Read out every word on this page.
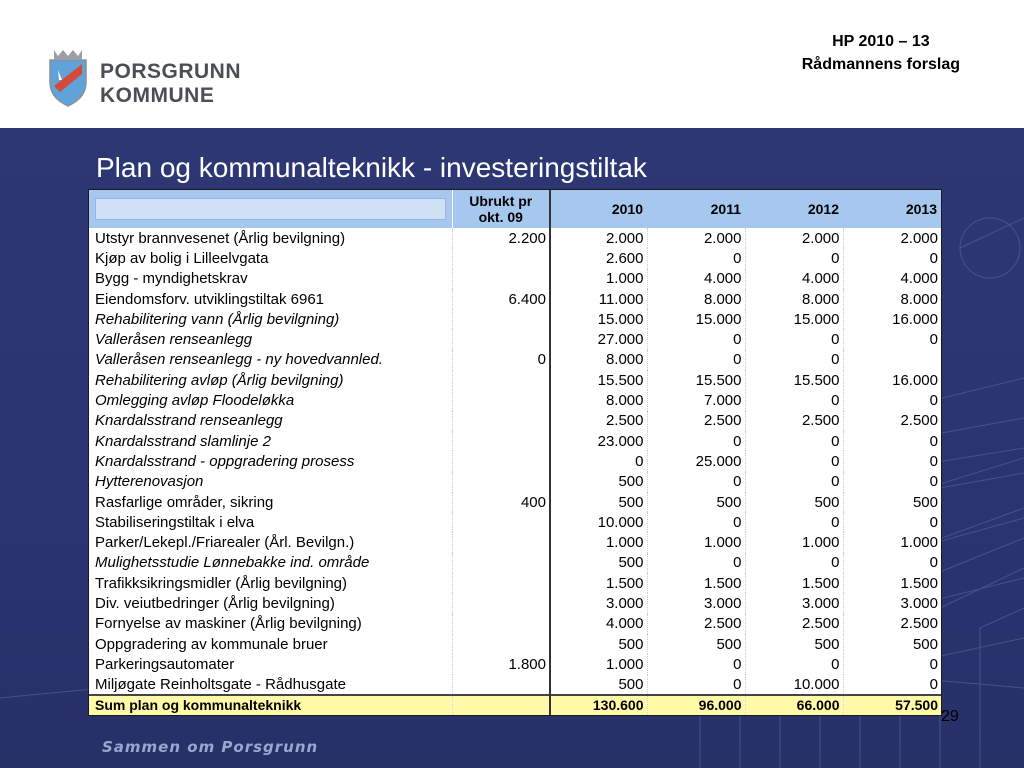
PORSGRUNN KOMMUNE
HP 2010 – 13
Rådmannens forslag
Plan og kommunalteknikk - investeringstiltak
	Ubrukt pr okt. 09	2010	2011	2012	2013
Utstyr brannvesenet (Årlig bevilgning)	2.200	2.000	2.000	2.000	2.000
Kjøp av bolig i Lilleelvgata		2.600	0	0	0
Bygg - myndighetskrav		1.000	4.000	4.000	4.000
Eiendomsforv. utviklingstiltak 6961	6.400	11.000	8.000	8.000	8.000
Rehabilitering vann (Årlig bevilgning)		15.000	15.000	15.000	16.000
Valleråsen renseanlegg		27.000	0	0	0
Valleråsen renseanlegg - ny hovedvannled.	0	8.000	0	0	
Rehabilitering avløp (Årlig bevilgning)		15.500	15.500	15.500	16.000
Omlegging avløp Floodeløkka		8.000	7.000	0	0
Knardalsstrand renseanlegg		2.500	2.500	2.500	2.500
Knardalsstrand slamlinje 2		23.000	0	0	0
Knardalsstrand - oppgradering prosess		0	25.000	0	0
Hytterenovasjon		500	0	0	0
Rasfarlige områder, sikring	400	500	500	500	500
Stabiliseringstiltak i elva		10.000	0	0	0
Parker/Lekepl./Friarealer (Årl. Bevilgn.)		1.000	1.000	1.000	1.000
Mulighetsstudie Lønnebakke ind. område		500	0	0	0
Trafikksikringsmidler (Årlig bevilgning)		1.500	1.500	1.500	1.500
Div. veiutbedringer (Årlig bevilgning)		3.000	3.000	3.000	3.000
Fornyelse av maskiner (Årlig bevilgning)		4.000	2.500	2.500	2.500
Oppgradering av kommunale bruer		500	500	500	500
Parkeringsautomater	1.800	1.000	0	0	0
Miljøgate Reinholtsgate - Rådhusgate		500	0	10.000	0
Sum plan og kommunalteknikk		130.600	96.000	66.000	57.500
29
Sammen om Porsgrunn
